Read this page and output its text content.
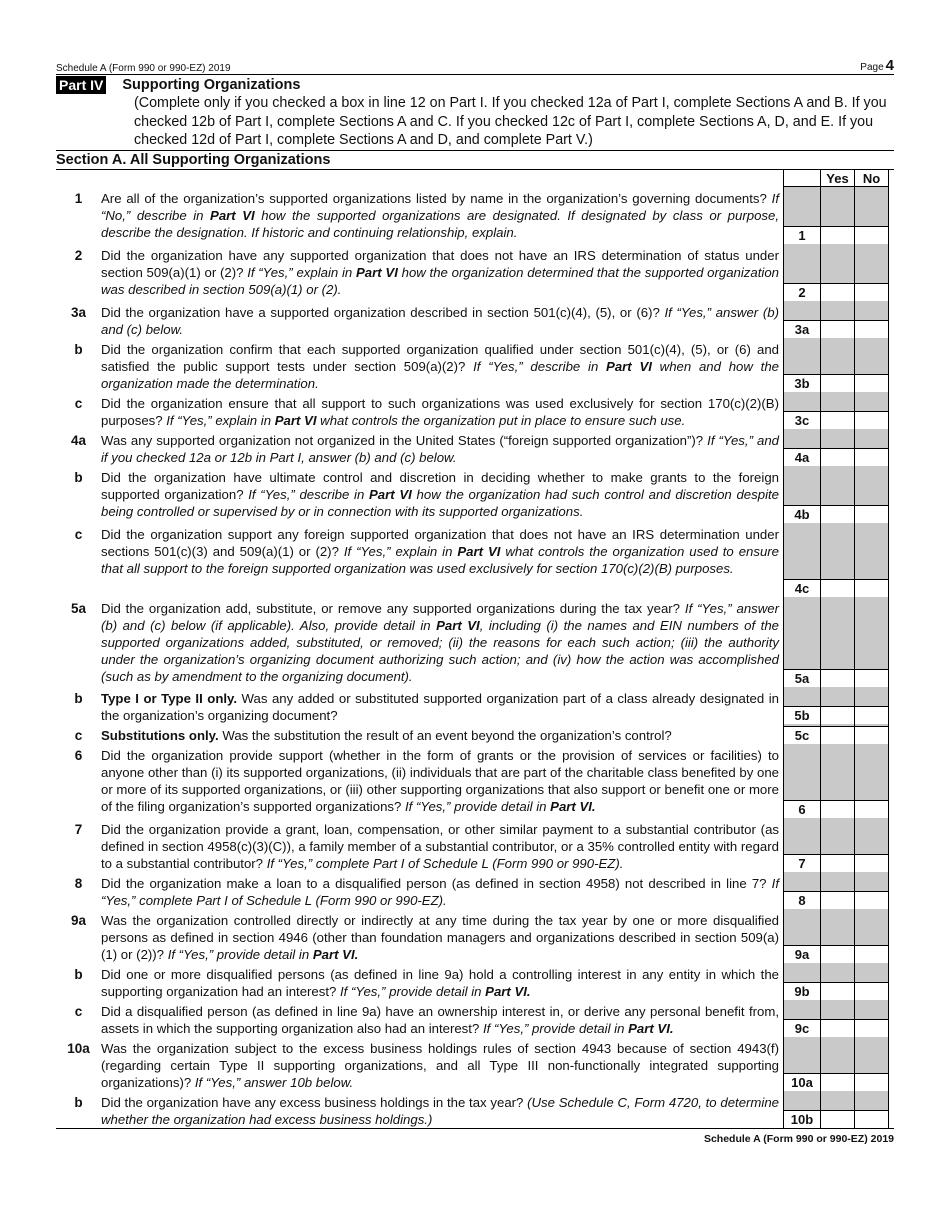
Schedule A (Form 990 or 990-EZ) 2019	Page 4
Part IV Supporting Organizations
(Complete only if you checked a box in line 12 on Part I. If you checked 12a of Part I, complete Sections A and B. If you checked 12b of Part I, complete Sections A and C. If you checked 12c of Part I, complete Sections A, D, and E. If you checked 12d of Part I, complete Sections A and D, and complete Part V.)
Section A. All Supporting Organizations
Yes	No
1	Are all of the organization’s supported organizations listed by name in the organization’s governing documents? If “No,” describe in Part VI how the supported organizations are designated. If designated by class or purpose, describe the designation. If historic and continuing relationship, explain.	1
2	Did the organization have any supported organization that does not have an IRS determination of status under section 509(a)(1) or (2)? If “Yes,” explain in Part VI how the organization determined that the supported organization was described in section 509(a)(1) or (2).	2
3a	Did the organization have a supported organization described in section 501(c)(4), (5), or (6)? If “Yes,” answer (b) and (c) below.	3a
b	Did the organization confirm that each supported organization qualified under section 501(c)(4), (5), or (6) and satisfied the public support tests under section 509(a)(2)? If “Yes,” describe in Part VI when and how the organization made the determination.	3b
c	Did the organization ensure that all support to such organizations was used exclusively for section 170(c)(2)(B) purposes? If “Yes,” explain in Part VI what controls the organization put in place to ensure such use.	3c
4a	Was any supported organization not organized in the United States (“foreign supported organization”)? If “Yes,” and if you checked 12a or 12b in Part I, answer (b) and (c) below.	4a
b	Did the organization have ultimate control and discretion in deciding whether to make grants to the foreign supported organization? If “Yes,” describe in Part VI how the organization had such control and discretion despite being controlled or supervised by or in connection with its supported organizations.	4b
c	Did the organization support any foreign supported organization that does not have an IRS determination under sections 501(c)(3) and 509(a)(1) or (2)? If “Yes,” explain in Part VI what controls the organization used to ensure that all support to the foreign supported organization was used exclusively for section 170(c)(2)(B) purposes.
4c
5a	Did the organization add, substitute, or remove any supported organizations during the tax year? If “Yes,” answer (b) and (c) below (if applicable). Also, provide detail in Part VI, including (i) the names and EIN numbers of the supported organizations added, substituted, or removed; (ii) the reasons for each such action; (iii) the authority under the organization’s organizing document authorizing such action; and (iv) how the action was accomplished (such as by amendment to the organizing document).	5a
b	Type I or Type II only. Was any added or substituted supported organization part of a class already designated in the organization’s organizing document?	5b
c	Substitutions only. Was the substitution the result of an event beyond the organization’s control?	5c
6	Did the organization provide support (whether in the form of grants or the provision of services or facilities) to anyone other than (i) its supported organizations, (ii) individuals that are part of the charitable class benefited by one or more of its supported organizations, or (iii) other supporting organizations that also support or benefit one or more of the filing organization’s supported organizations? If “Yes,” provide detail in Part VI.	6
7	Did the organization provide a grant, loan, compensation, or other similar payment to a substantial contributor (as defined in section 4958(c)(3)(C)), a family member of a substantial contributor, or a 35% controlled entity with regard to a substantial contributor? If “Yes,” complete Part I of Schedule L (Form 990 or 990-EZ).	7
8	Did the organization make a loan to a disqualified person (as defined in section 4958) not described in line 7? If “Yes,” complete Part I of Schedule L (Form 990 or 990-EZ).	8
9a	Was the organization controlled directly or indirectly at any time during the tax year by one or more disqualified persons as defined in section 4946 (other than foundation managers and organizations described in section 509(a)(1) or (2))? If “Yes,” provide detail in Part VI.	9a
b	Did one or more disqualified persons (as defined in line 9a) hold a controlling interest in any entity in which the supporting organization had an interest? If “Yes,” provide detail in Part VI.	9b
c	Did a disqualified person (as defined in line 9a) have an ownership interest in, or derive any personal benefit from, assets in which the supporting organization also had an interest? If “Yes,” provide detail in Part VI.	9c
10a Was the organization subject to the excess business holdings rules of section 4943 because of section 4943(f) (regarding certain Type II supporting organizations, and all Type III non-functionally integrated supporting organizations)? If “Yes,” answer 10b below.	10a
b	Did the organization have any excess business holdings in the tax year? (Use Schedule C, Form 4720, to determine whether the organization had excess business holdings.)	10b
Schedule A (Form 990 or 990-EZ) 2019
